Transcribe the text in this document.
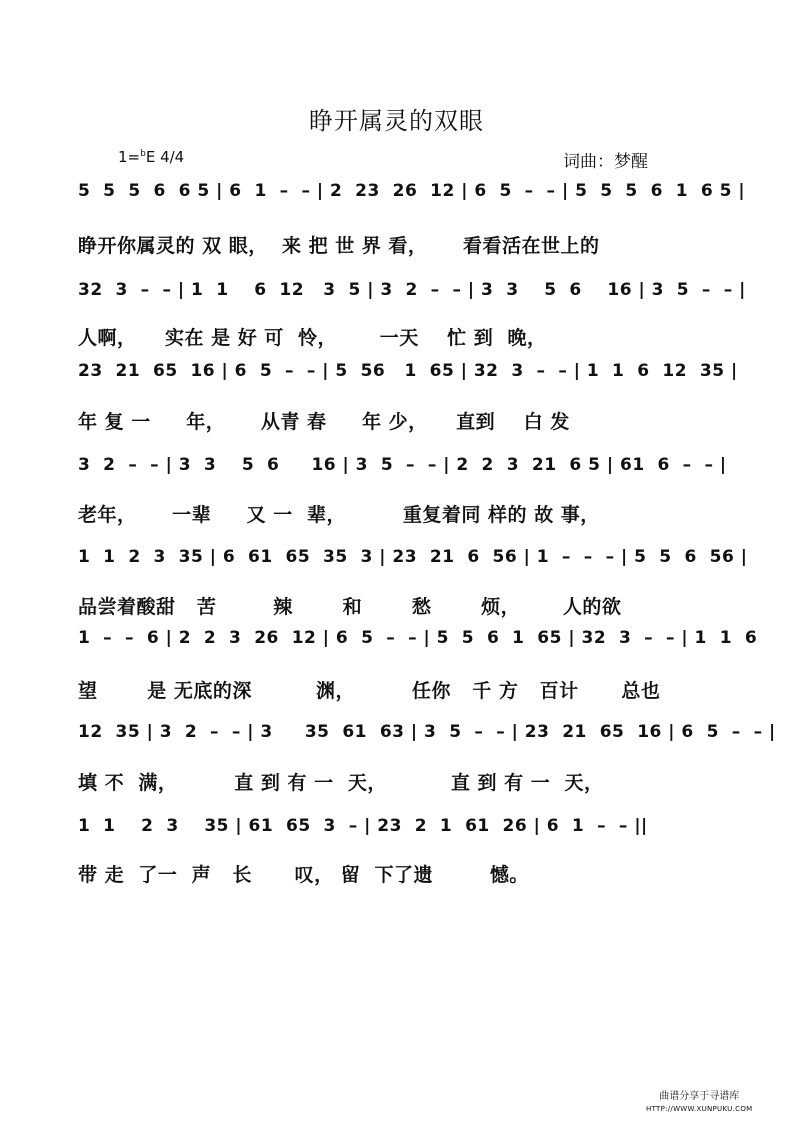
睁开属灵的双眼
1=$^b$E 4/4	词曲：梦醒
5  5  5  6  6 5 | 6  1  –  – | 2  23  26  12 | 6  5  –  – | 5  5  5  6  1  6 5 |
睁开你属灵的 双 眼，  来 把 世 界 看，     看看活在世上的
32  3  –  – | 1  1    6  12   3  5 | 3  2  –  – | 3  3    5  6    16 | 3  5  –  – |
人啊，    实在 是 好 可  怜，      一天    忙 到  晚，
23  21  65  16 | 6  5  –  – | 5  56   1  65 | 32  3  –  – | 1  1  6  12  35 |
年 复 一     年，     从青 春     年 少，    直到    白 发
3  2  –  – | 3  3    5  6     16 | 3  5  –  – | 2  2  3  21  6 5 | 61  6  –  – |
老年，     一辈     又 一  辈，        重复着同 样的 故 事，
1  1  2  3  35 | 6  61  65  35  3 | 23  21  6  56 | 1  –  –  – | 5  5  6  56 |
品尝着酸甜   苦        辣       和       愁       烦，      人的欲
1  –  –  6 | 2  2  3  26  12 | 6  5  –  – | 5  5  6  1  65 | 32  3  –  – | 1  1  6
望       是 无底的深         渊，        任你   千 方   百计      总也
12  35 | 3  2  –  – | 3     35  61  63 | 3  5  –  – | 23  21  65  16 | 6  5  –  – |
填 不  满，        直 到 有 一  天，         直 到 有 一  天，
1  1    2  3    35 | 61  65  3  – | 23  2  1  61  26 | 6  1  –  – ||
带 走  了一  声   长      叹， 留  下了遗        憾。
曲谱分享于寻谱库
HTTP://WWW.XUNPUKU.COM
